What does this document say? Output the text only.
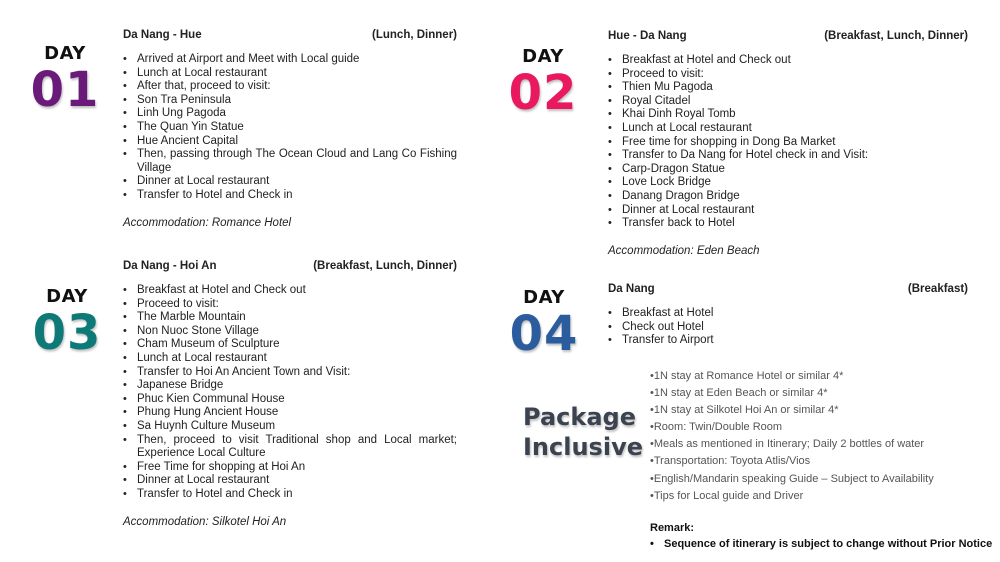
DAY
01
Da Nang - Hue	(Lunch, Dinner)
• Arrived at Airport and Meet with Local guide
• Lunch at Local restaurant
• After that, proceed to visit:
• Son Tra Peninsula
• Linh Ung Pagoda
• The Quan Yin Statue
• Hue Ancient Capital
• Then, passing through The Ocean Cloud and Lang Co Fishing Village
• Dinner at Local restaurant
• Transfer to Hotel and Check in
Accommodation: Romance Hotel
DAY
02
Hue - Da Nang	(Breakfast, Lunch, Dinner)
• Breakfast at Hotel and Check out
• Proceed to visit:
• Thien Mu Pagoda
• Royal Citadel
• Khai Dinh Royal Tomb
• Lunch at Local restaurant
• Free time for shopping in Dong Ba Market
• Transfer to Da Nang for Hotel check in and Visit:
• Carp-Dragon Statue
• Love Lock Bridge
• Danang Dragon Bridge
• Dinner at Local restaurant
• Transfer back to Hotel
Accommodation: Eden Beach
DAY
03
Da Nang - Hoi An	(Breakfast, Lunch, Dinner)
• Breakfast at Hotel and Check out
• Proceed to visit:
• The Marble Mountain
• Non Nuoc Stone Village
• Cham Museum of Sculpture
• Lunch at Local restaurant
• Transfer to Hoi An Ancient Town and Visit:
• Japanese Bridge
• Phuc Kien Communal House
• Phung Hung Ancient House
• Sa Huynh Culture Museum
• Then, proceed to visit Traditional shop and Local market; Experience Local Culture
• Free Time for shopping at Hoi An
• Dinner at Local restaurant
• Transfer to Hotel and Check in
Accommodation: Silkotel Hoi An
DAY
04
Da Nang	(Breakfast)
• Breakfast at Hotel
• Check out Hotel
• Transfer to Airport
Package
Inclusive
•1N stay at Romance Hotel or similar 4*
•1N stay at Eden Beach or similar 4*
•1N stay at Silkotel Hoi An or similar 4*
•Room: Twin/Double Room
•Meals as mentioned in Itinerary; Daily 2 bottles of water
•Transportation: Toyota Atlis/Vios
•English/Mandarin speaking Guide – Subject to Availability
•Tips for Local guide and Driver
Remark:
• Sequence of itinerary is subject to change without Prior Notice
